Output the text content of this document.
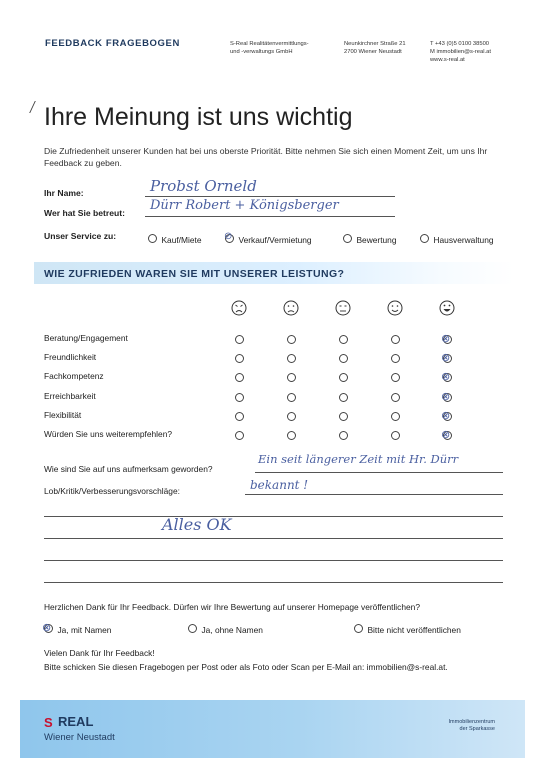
FEEDBACK FRAGEBOGEN	S-Real Realitätenvermittlungs-
und -verwaltungs GmbH
Neunkirchner Straße 21
2700 Wiener Neustadt
T +43 (0)5 0100 38500
M immobilien@s-real.at
www.s-real.at
Ihre Meinung ist uns wichtig
Die Zufriedenheit unserer Kunden hat bei uns oberste Priorität. Bitte nehmen Sie sich einen Moment Zeit, um uns Ihr Feedback zu geben.
Ihr Name:	Probst Orneld
Wer hat Sie betreut: Dürr Robert + Königsberger
Unser Service zu:	Kauf/Miete ⊘ Verkauf/Vermietung	Bewertung	Hausverwaltung
WIE ZUFRIEDEN WAREN SIE MIT UNSERER LEISTUNG?
Beratung/Engagement	⊗
Freundlichkeit	⊗
Fachkompetenz	⊗
Erreichbarkeit	⊗
Flexibilität	⊗
Würden Sie uns weiterempfehlen?	⊗
Wie sind Sie auf uns aufmerksam geworden?
Ein seit längerer Zeit mit Hr. Dürr
Lob/Kritik/Verbesserungsvorschläge:	bekannt !
Alles OK
Herzlichen Dank für Ihr Feedback. Dürfen wir Ihre Bewertung auf unserer Homepage veröffentlichen?
⊗ Ja, mit Namen	Ja, ohne Namen	Bitte nicht veröffentlichen
Vielen Dank für Ihr Feedback!
Bitte schicken Sie diesen Fragebogen per Post oder als Foto oder Scan per E-Mail an: immobilien@s-real.at.
S REAL
Wiener Neustadt
Immobilienzentrum
der Sparkasse
